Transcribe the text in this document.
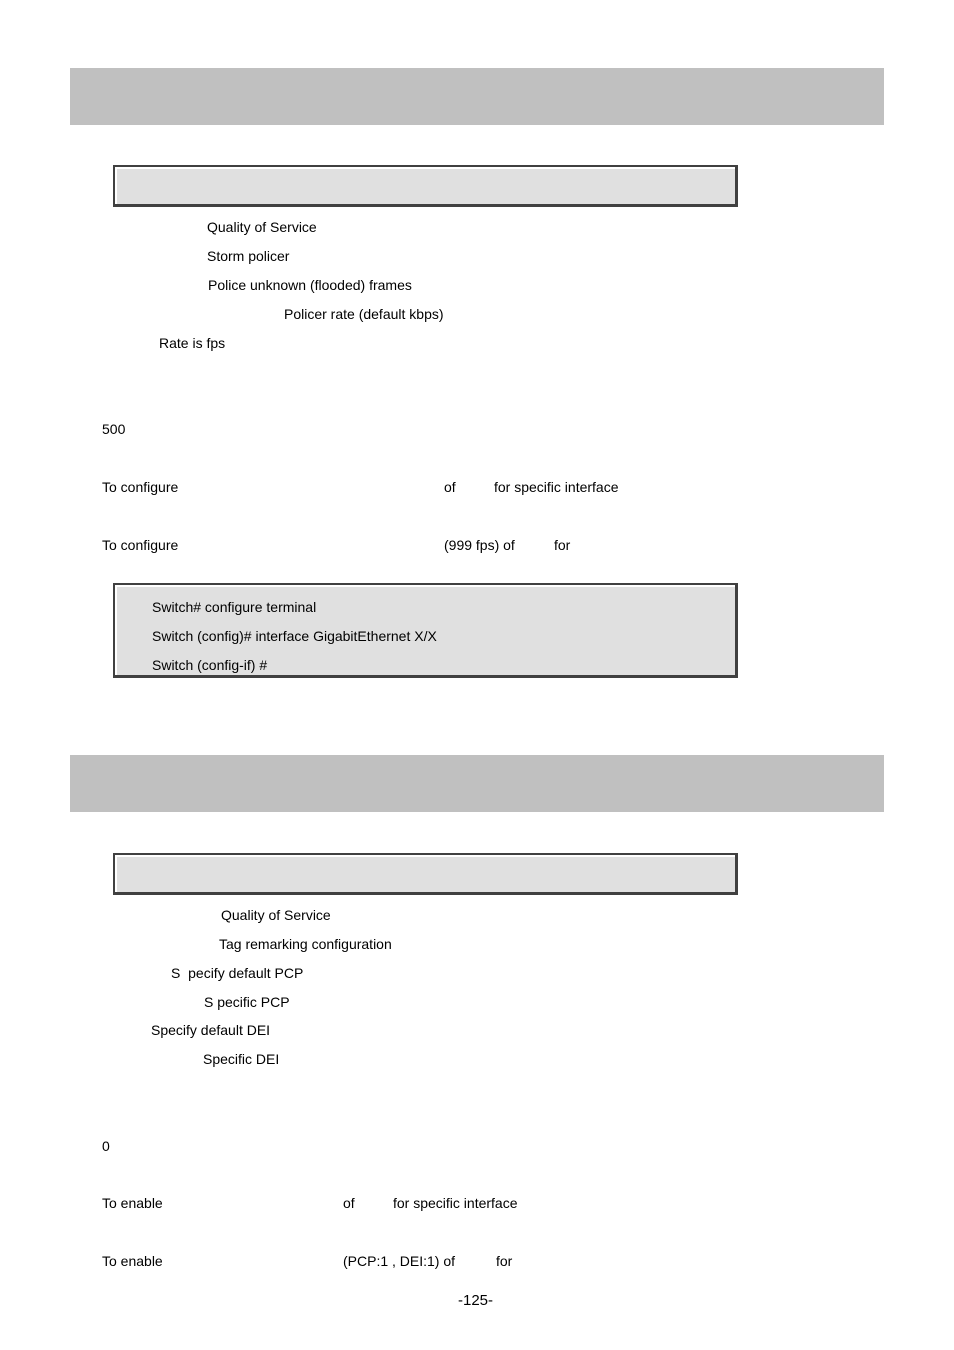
Quality of Service
Storm policer
Police unknown (flooded) frames
Policer rate (default kbps)
Rate is fps
500
To configure	of	for specific interface
To configure	(999 fps) of	for
Switch# configure terminal
Switch (config)# interface GigabitEthernet X/X
Switch (config-if) #
Quality of Service
Tag remarking configuration
S  pecify default PCP
S pecific PCP
Specify default DEI
Specific DEI
0
To enable	of	for specific interface
To enable	(PCP:1 , DEI:1) of	for
-125-
